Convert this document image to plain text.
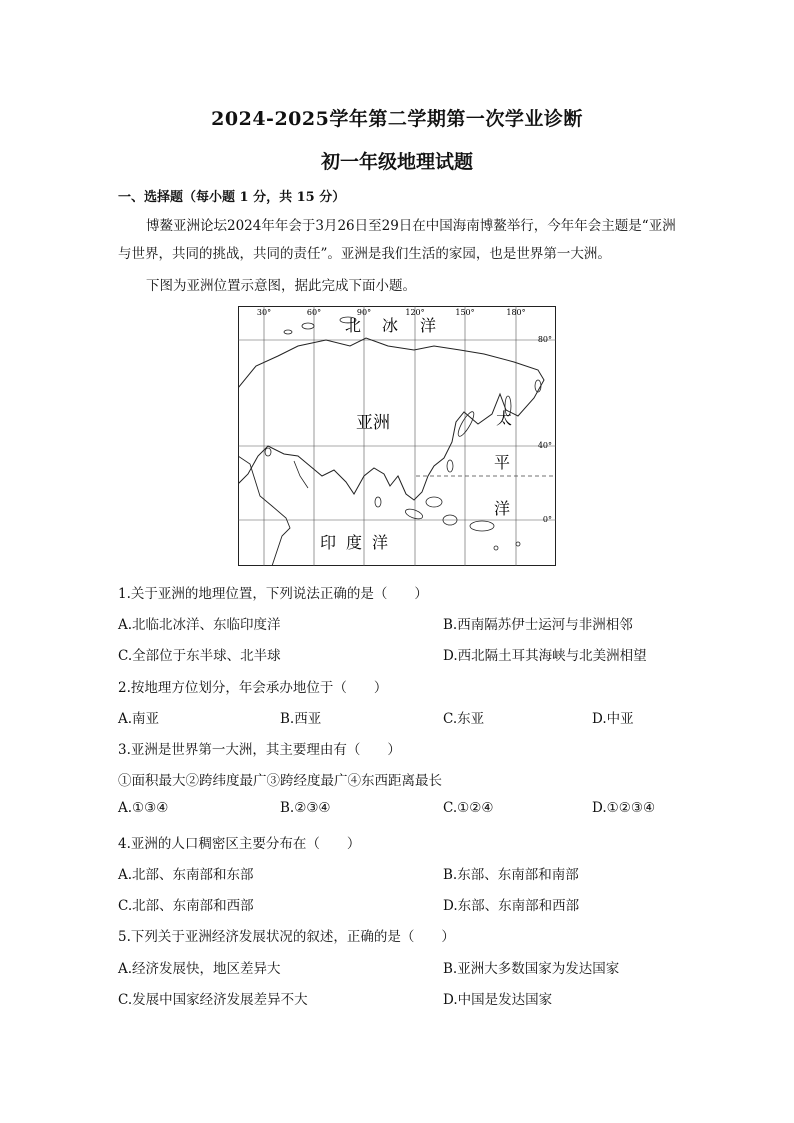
2024-2025学年第二学期第一次学业诊断
初一年级地理试题
一、选择题（每小题 1 分，共 15 分）
博鳌亚洲论坛2024年年会于3月26日至29日在中国海南博鳌举行，今年年会主题是“亚洲与世界，共同的挑战，共同的责任”。亚洲是我们生活的家园，也是世界第一大洲。
下图为亚洲位置示意图，据此完成下面小题。
30°	60°	90°	120°	150°	180°
80°
40°
0°
北 冰 洋
亚洲	太
平
洋
印 度 洋
1.关于亚洲的地理位置，下列说法正确的是（　　）
A.北临北冰洋、东临印度洋	B.西南隔苏伊士运河与非洲相邻
C.全部位于东半球、北半球	D.西北隔土耳其海峡与北美洲相望
2.按地理方位划分，年会承办地位于（　　）
A.南亚	B.西亚	C.东亚	D.中亚
3.亚洲是世界第一大洲，其主要理由有（　　）
①面积最大②跨纬度最广③跨经度最广④东西距离最长
A.①③④	B.②③④	C.①②④	D.①②③④
4.亚洲的人口稠密区主要分布在（　　）
A.北部、东南部和东部	B.东部、东南部和南部
C.北部、东南部和西部	D.东部、东南部和西部
5.下列关于亚洲经济发展状况的叙述，正确的是（　　）
A.经济发展快，地区差异大	B.亚洲大多数国家为发达国家
C.发展中国家经济发展差异不大	D.中国是发达国家
